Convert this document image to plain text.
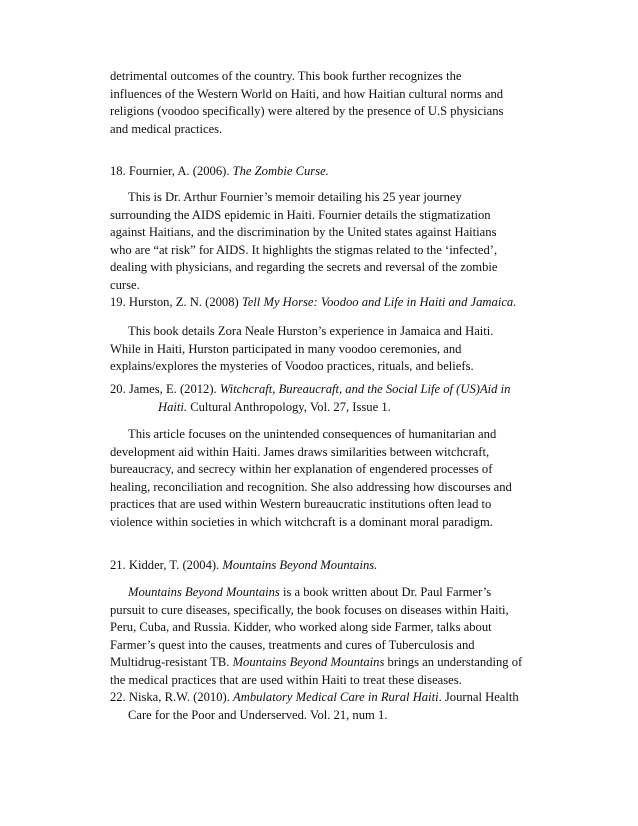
detrimental outcomes of the country. This book further recognizes the
influences of the Western World on Haiti, and how Haitian cultural norms and
religions (voodoo specifically) were altered by the presence of U.S physicians
and medical practices.

18. Fournier, A. (2006). The Zombie Curse.

This is Dr. Arthur Fournier’s memoir detailing his 25 year journey
surrounding the AIDS epidemic in Haiti. Fournier details the stigmatization
against Haitians, and the discrimination by the United states against Haitians
who are “at risk” for AIDS. It highlights the stigmas related to the ‘infected’,
dealing with physicians, and regarding the secrets and reversal of the zombie
curse.

19. Hurston, Z. N. (2008) Tell My Horse: Voodoo and Life in Haiti and Jamaica.

This book details Zora Neale Hurston’s experience in Jamaica and Haiti.
While in Haiti, Hurston participated in many voodoo ceremonies, and
explains/explores the mysteries of Voodoo practices, rituals, and beliefs.

20. James, E. (2012). Witchcraft, Bureaucraft, and the Social Life of (US)Aid in

Haiti. Cultural Anthropology, Vol. 27, Issue 1.

This article focuses on the unintended consequences of humanitarian and
development aid within Haiti. James draws similarities between witchcraft,
bureaucracy, and secrecy within her explanation of engendered processes of
healing, reconciliation and recognition. She also addressing how discourses and
practices that are used within Western bureaucratic institutions often lead to
violence within societies in which witchcraft is a dominant moral paradigm.

21. Kidder, T. (2004). Mountains Beyond Mountains.

Mountains Beyond Mountains is a book written about Dr. Paul Farmer’s
pursuit to cure diseases, specifically, the book focuses on diseases within Haiti,
Peru, Cuba, and Russia. Kidder, who worked along side Farmer, talks about
Farmer’s quest into the causes, treatments and cures of Tuberculosis and
Multidrug-resistant TB. Mountains Beyond Mountains brings an understanding of
the medical practices that are used within Haiti to treat these diseases.

22. Niska, R.W. (2010). Ambulatory Medical Care in Rural Haiti. Journal Health

Care for the Poor and Underserved. Vol. 21, num 1.
